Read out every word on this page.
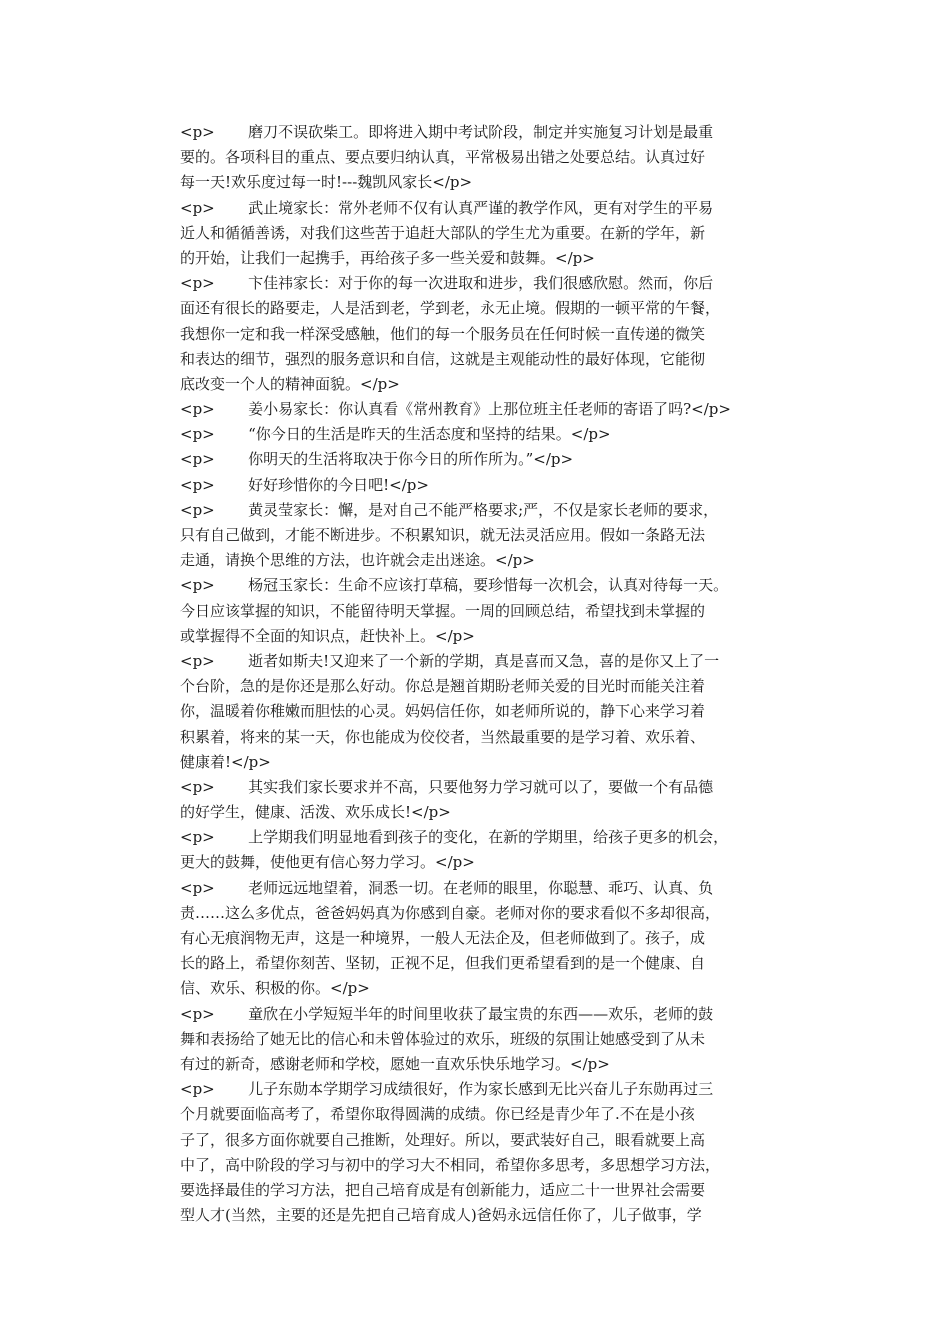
<p>       磨刀不误砍柴工。即将进入期中考试阶段，制定并实施复习计划是最重
要的。各项科目的重点、要点要归纳认真，平常极易出错之处要总结。认真过好
每一天!欢乐度过每一时!---魏凯风家长</p>
<p>       武止境家长：常外老师不仅有认真严谨的教学作风，更有对学生的平易
近人和循循善诱，对我们这些苦于追赶大部队的学生尤为重要。在新的学年，新
的开始，让我们一起携手，再给孩子多一些关爱和鼓舞。</p>
<p>       卞佳祎家长：对于你的每一次进取和进步，我们很感欣慰。然而，你后
面还有很长的路要走，人是活到老，学到老，永无止境。假期的一顿平常的午餐，
我想你一定和我一样深受感触，他们的每一个服务员在任何时候一直传递的微笑
和表达的细节，强烈的服务意识和自信，这就是主观能动性的最好体现，它能彻
底改变一个人的精神面貌。</p>
<p>       姜小易家长：你认真看《常州教育》上那位班主任老师的寄语了吗?</p>
<p>       “你今日的生活是昨天的生活态度和坚持的结果。</p>
<p>       你明天的生活将取决于你今日的所作所为。”</p>
<p>       好好珍惜你的今日吧!</p>
<p>       黄灵莹家长：懈，是对自己不能严格要求;严，不仅是家长老师的要求，
只有自己做到，才能不断进步。不积累知识，就无法灵活应用。假如一条路无法
走通，请换个思维的方法，也许就会走出迷途。</p>
<p>       杨冠玉家长：生命不应该打草稿，要珍惜每一次机会，认真对待每一天。
今日应该掌握的知识，不能留待明天掌握。一周的回顾总结，希望找到未掌握的
或掌握得不全面的知识点，赶快补上。</p>
<p>       逝者如斯夫!又迎来了一个新的学期，真是喜而又急，喜的是你又上了一
个台阶，急的是你还是那么好动。你总是翘首期盼老师关爱的目光时而能关注着
你，温暖着你稚嫩而胆怯的心灵。妈妈信任你，如老师所说的，静下心来学习着
积累着，将来的某一天，你也能成为佼佼者，当然最重要的是学习着、欢乐着、
健康着!</p>
<p>       其实我们家长要求并不高，只要他努力学习就可以了，要做一个有品德
的好学生，健康、活泼、欢乐成长!</p>
<p>       上学期我们明显地看到孩子的变化，在新的学期里，给孩子更多的机会，
更大的鼓舞，使他更有信心努力学习。</p>
<p>       老师远远地望着，洞悉一切。在老师的眼里，你聪慧、乖巧、认真、负
责……这么多优点，爸爸妈妈真为你感到自豪。老师对你的要求看似不多却很高，
有心无痕润物无声，这是一种境界，一般人无法企及，但老师做到了。孩子，成
长的路上，希望你刻苦、坚韧，正视不足，但我们更希望看到的是一个健康、自
信、欢乐、积极的你。</p>
<p>       童欣在小学短短半年的时间里收获了最宝贵的东西——欢乐，老师的鼓
舞和表扬给了她无比的信心和未曾体验过的欢乐，班级的氛围让她感受到了从未
有过的新奇，感谢老师和学校，愿她一直欢乐快乐地学习。</p>
<p>       儿子东勋本学期学习成绩很好，作为家长感到无比兴奋儿子东勋再过三
个月就要面临高考了，希望你取得圆满的成绩。你已经是青少年了.不在是小孩
子了，很多方面你就要自己推断，处理好。所以，要武装好自己，眼看就要上高
中了，高中阶段的学习与初中的学习大不相同，希望你多思考，多思想学习方法，
要选择最佳的学习方法，把自己培育成是有创新能力，适应二十一世界社会需要
型人才(当然，主要的还是先把自己培育成人)爸妈永远信任你了，儿子做事，学
